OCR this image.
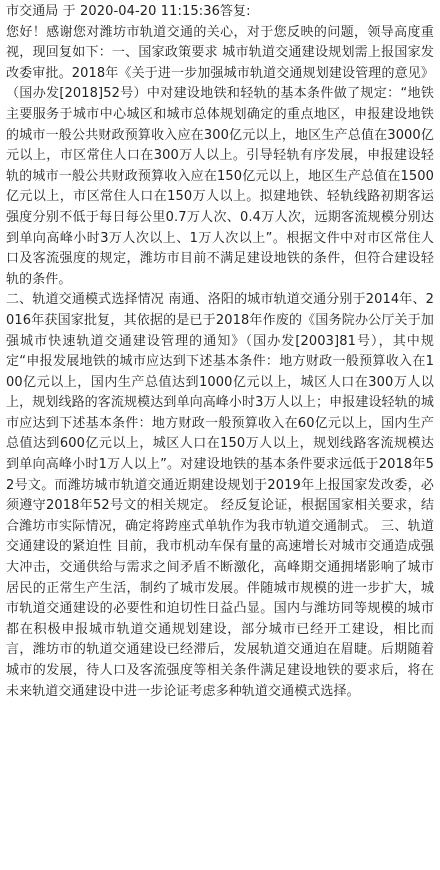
市交通局 于 2020-04-20 11:15:36答复:

您好！感谢您对潍坊市轨道交通的关心，对于您反映的问题，领导高度重视，现回复如下：一、国家政策要求 城市轨道交通建设规划需上报国家发改委审批。2018年《关于进一步加强城市轨道交通规划建设管理的意见》（国办发[2018]52号）中对建设地铁和轻轨的基本条件做了规定：“地铁主要服务于城市中心城区和城市总体规划确定的重点地区，申报建设地铁的城市一般公共财政预算收入应在300亿元以上，地区生产总值在3000亿元以上，市区常住人口在300万人以上。引导轻轨有序发展，申报建设轻轨的城市一般公共财政预算收入应在150亿元以上，地区生产总值在1500亿元以上，市区常住人口在150万人以上。拟建地铁、轻轨线路初期客运强度分别不低于每日每公里0.7万人次、0.4万人次，远期客流规模分别达到单向高峰小时3万人次以上、1万人次以上”。根据文件中对市区常住人口及客流强度的规定，潍坊市目前不满足建设地铁的条件，但符合建设轻轨的条件。

二、轨道交通模式选择情况 南通、洛阳的城市轨道交通分别于2014年、2016年获国家批复，其依据的是已于2018年作废的《国务院办公厅关于加强城市快速轨道交通建设管理的通知》（国办发[2003]81号），其中规定“申报发展地铁的城市应达到下述基本条件：地方财政一般预算收入在100亿元以上，国内生产总值达到1000亿元以上，城区人口在300万人以上，规划线路的客流规模达到单向高峰小时3万人以上；申报建设轻轨的城市应达到下述基本条件：地方财政一般预算收入在60亿元以上，国内生产总值达到600亿元以上，城区人口在150万人以上，规划线路客流规模达到单向高峰小时1万人以上”。对建设地铁的基本条件要求远低于2018年52号文。而潍坊城市轨道交通近期建设规划于2019年上报国家发改委，必须遵守2018年52号文的相关规定。 经反复论证，根据国家相关要求，结合潍坊市实际情况，确定将跨座式单轨作为我市轨道交通制式。 三、轨道交通建设的紧迫性 目前，我市机动车保有量的高速增长对城市交通造成强大冲击，交通供给与需求之间矛盾不断激化，高峰期交通拥堵影响了城市居民的正常生产生活，制约了城市发展。伴随城市规模的进一步扩大，城市轨道交通建设的必要性和迫切性日益凸显。国内与潍坊同等规模的城市都在积极申报城市轨道交通规划建设，部分城市已经开工建设，相比而言，潍坊市的轨道交通建设已经滞后，发展轨道交通迫在眉睫。后期随着城市的发展，待人口及客流强度等相关条件满足建设地铁的要求后，将在未来轨道交通建设中进一步论证考虑多种轨道交通模式选择。
